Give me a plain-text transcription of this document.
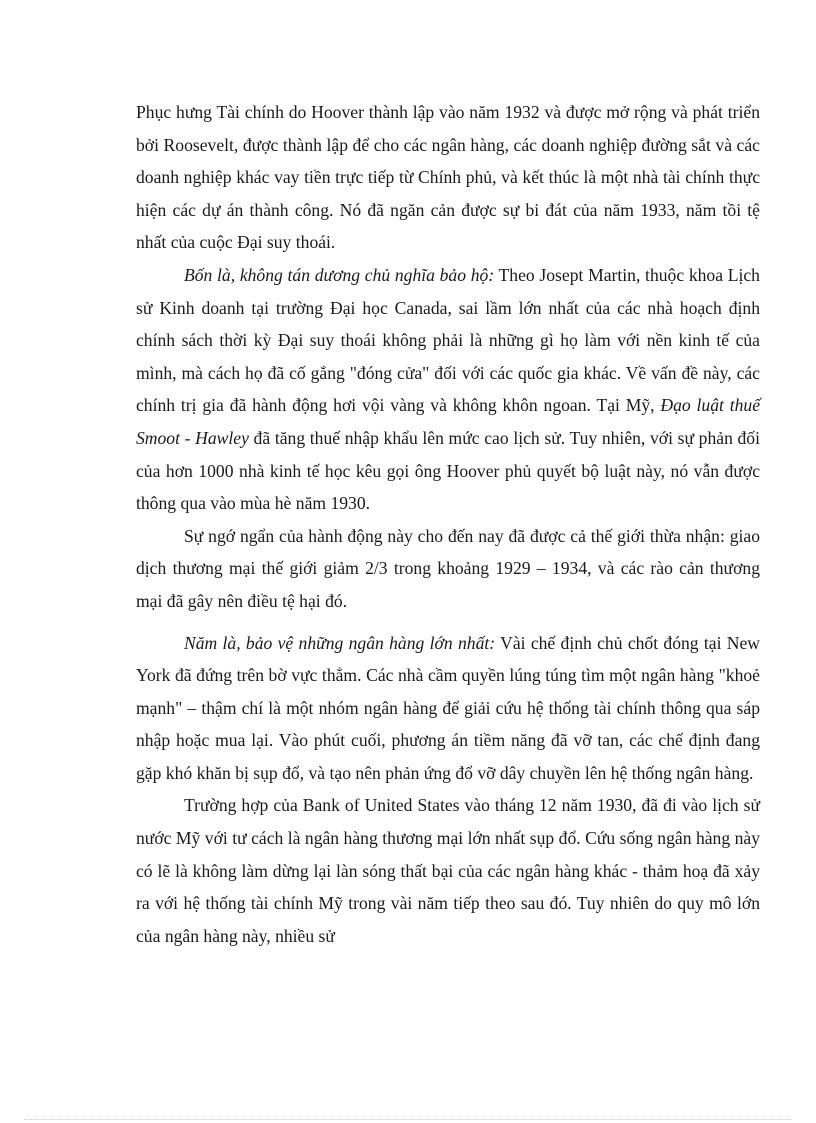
Phục hưng Tài chính do Hoover thành lập vào năm 1932 và được mở rộng và phát triển bởi Roosevelt, được thành lập để cho các ngân hàng, các doanh nghiệp đường sắt và các doanh nghiệp khác vay tiền trực tiếp từ Chính phủ, và kết thúc là một nhà tài chính thực hiện các dự án thành công. Nó đã ngăn cản được sự bi đát của năm 1933, năm tồi tệ nhất của cuộc Đại suy thoái.

Bốn là, không tán dương chủ nghĩa bảo hộ: Theo Josept Martin, thuộc khoa Lịch sử Kinh doanh tại trường Đại học Canada, sai lầm lớn nhất của các nhà hoạch định chính sách thời kỳ Đại suy thoái không phải là những gì họ làm với nền kinh tế của mình, mà cách họ đã cố gắng "đóng cửa" đối với các quốc gia khác. Về vấn đề này, các chính trị gia đã hành động hơi vội vàng và không khôn ngoan. Tại Mỹ, Đạo luật thuế Smoot - Hawley đã tăng thuế nhập khẩu lên mức cao lịch sử. Tuy nhiên, với sự phản đối của hơn 1000 nhà kinh tế học kêu gọi ông Hoover phủ quyết bộ luật này, nó vẫn được thông qua vào mùa hè năm 1930.

Sự ngớ ngẩn của hành động này cho đến nay đã được cả thế giới thừa nhận: giao dịch thương mại thế giới giảm 2/3 trong khoảng 1929 – 1934, và các rào cản thương mại đã gây nên điều tệ hại đó.

Năm là, bảo vệ những ngân hàng lớn nhất: Vài chế định chủ chốt đóng tại New York đã đứng trên bờ vực thẳm. Các nhà cầm quyền lúng túng tìm một ngân hàng "khoẻ mạnh" – thậm chí là một nhóm ngân hàng để giải cứu hệ thống tài chính thông qua sáp nhập hoặc mua lại. Vào phút cuối, phương án tiềm năng đã vỡ tan, các chế định đang gặp khó khăn bị sụp đổ, và tạo nên phản ứng đổ vỡ dây chuyền lên hệ thống ngân hàng.

Trường hợp của Bank of United States vào tháng 12 năm 1930, đã đi vào lịch sử nước Mỹ với tư cách là ngân hàng thương mại lớn nhất sụp đổ. Cứu sống ngân hàng này có lẽ là không làm dừng lại làn sóng thất bại của các ngân hàng khác - thảm hoạ đã xảy ra với hệ thống tài chính Mỹ trong vài năm tiếp theo sau đó. Tuy nhiên do quy mô lớn của ngân hàng này, nhiều sử
